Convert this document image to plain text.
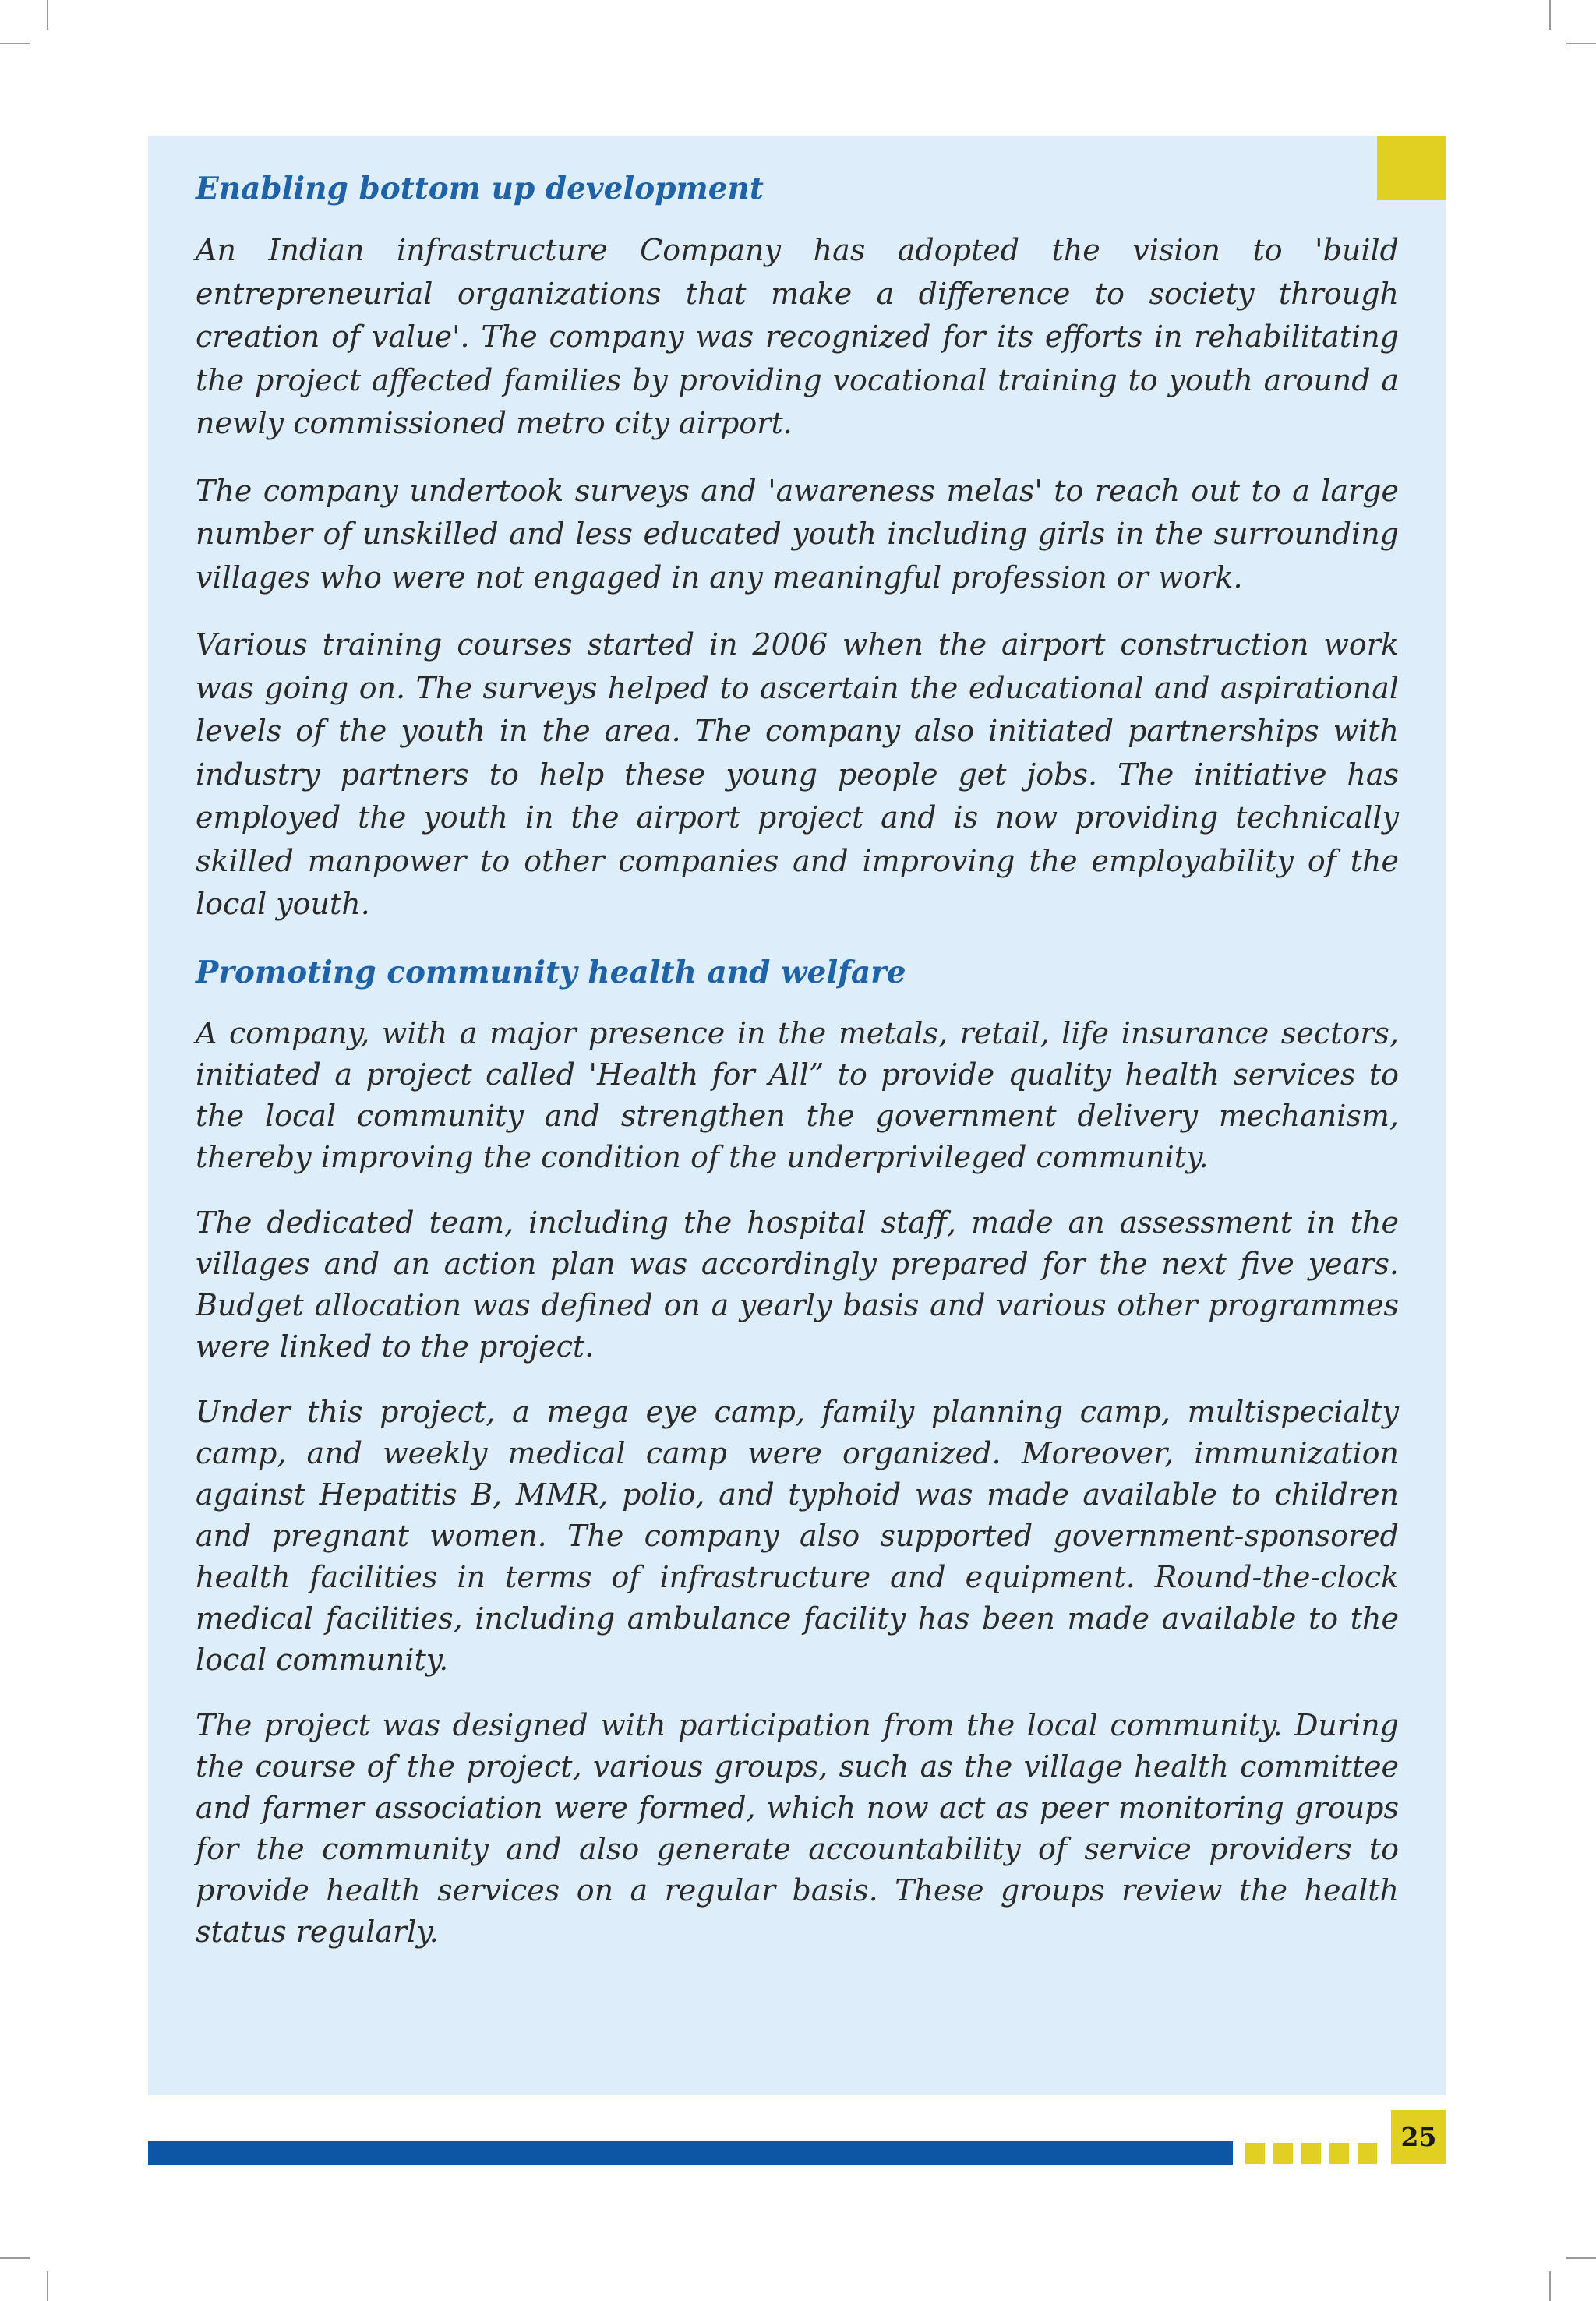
Enabling bottom up development

An Indian infrastructure Company has adopted the vision to 'build entrepreneurial organizations that make a difference to society through creation of value'. The company was recognized for its efforts in rehabilitating the project affected families by providing vocational training to youth around a newly commissioned metro city airport.

The company undertook surveys and 'awareness melas' to reach out to a large number of unskilled and less educated youth including girls in the surrounding villages who were not engaged in any meaningful profession or work.

Various training courses started in 2006 when the airport construction work was going on. The surveys helped to ascertain the educational and aspirational levels of the youth in the area. The company also initiated partnerships with industry partners to help these young people get jobs. The initiative has employed the youth in the airport project and is now providing technically skilled manpower to other companies and improving the employability of the local youth.

Promoting community health and welfare

A company, with a major presence in the metals, retail, life insurance sectors, initiated a project called 'Health for All” to provide quality health services to the local community and strengthen the government delivery mechanism, thereby improving the condition of the underprivileged community.

The dedicated team, including the hospital staff, made an assessment in the villages and an action plan was accordingly prepared for the next five years. Budget allocation was defined on a yearly basis and various other programmes were linked to the project.

Under this project, a mega eye camp, family planning camp, multispecialty camp, and weekly medical camp were organized. Moreover, immunization against Hepatitis B, MMR, polio, and typhoid was made available to children and pregnant women. The company also supported government-sponsored health facilities in terms of infrastructure and equipment. Round-the-clock medical facilities, including ambulance facility has been made available to the local community.

The project was designed with participation from the local community. During the course of the project, various groups, such as the village health committee and farmer association were formed, which now act as peer monitoring groups for the community and also generate accountability of service providers to provide health services on a regular basis. These groups review the health status regularly.

25
